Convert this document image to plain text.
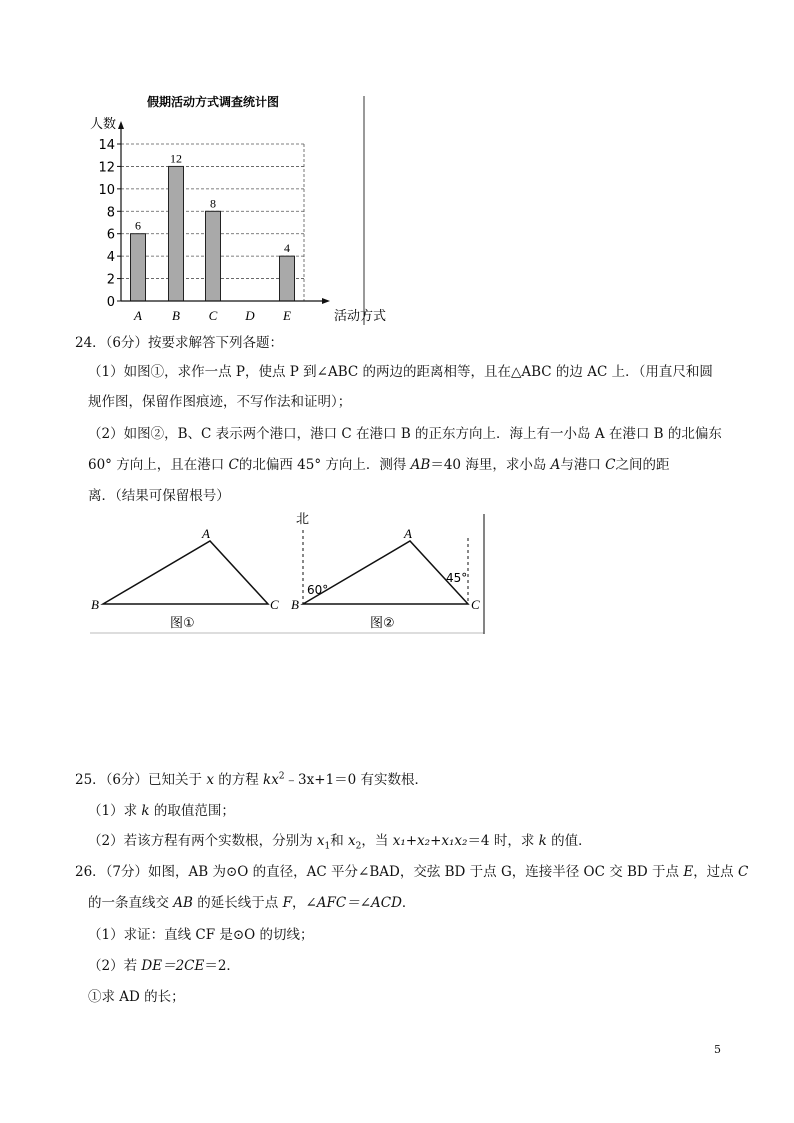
假期活动方式调查统计图
人数
活动方式
0
2
4
6
8
10
12
14
A B C D E
6
12
8
4
24．（6分）按要求解答下列各题：
（1）如图①，求作一点 P，使点 P 到∠ABC 的两边的距离相等，且在△ABC 的边 AC 上．（用直尺和圆
规作图，保留作图痕迹，不写作法和证明）；
（2）如图②，B、C 表示两个港口，港口 C 在港口 B 的正东方向上．海上有一小岛 A 在港口 B 的北偏东
60° 方向上，且在港口 C的北偏西 45° 方向上．测得 AB＝40 海里，求小岛 A与港口 C之间的距
离．（结果可保留根号）
A
B	C
图①
北
A
B	C
60°
45°
图②
25．（6分）已知关于 x 的方程 $kx^2﹣3x+1=0$ 有实数根．
（1）求 k 的取值范围；
（2）若该方程有两个实数根，分别为 $x_1$和 $x_2$，当 x₁+x₂+x₁x₂＝4 时，求 k 的值．
26．（7分）如图，AB 为⊙O 的直径，AC 平分∠BAD，交弦 BD 于点 G，连接半径 OC 交 BD 于点 E，过点 C
的一条直线交 AB 的延长线于点 F，∠AFC＝∠ACD．
（1）求证：直线 CF 是⊙O 的切线；
（2）若 DE＝2CE＝2．
①求 AD 的长；
5
